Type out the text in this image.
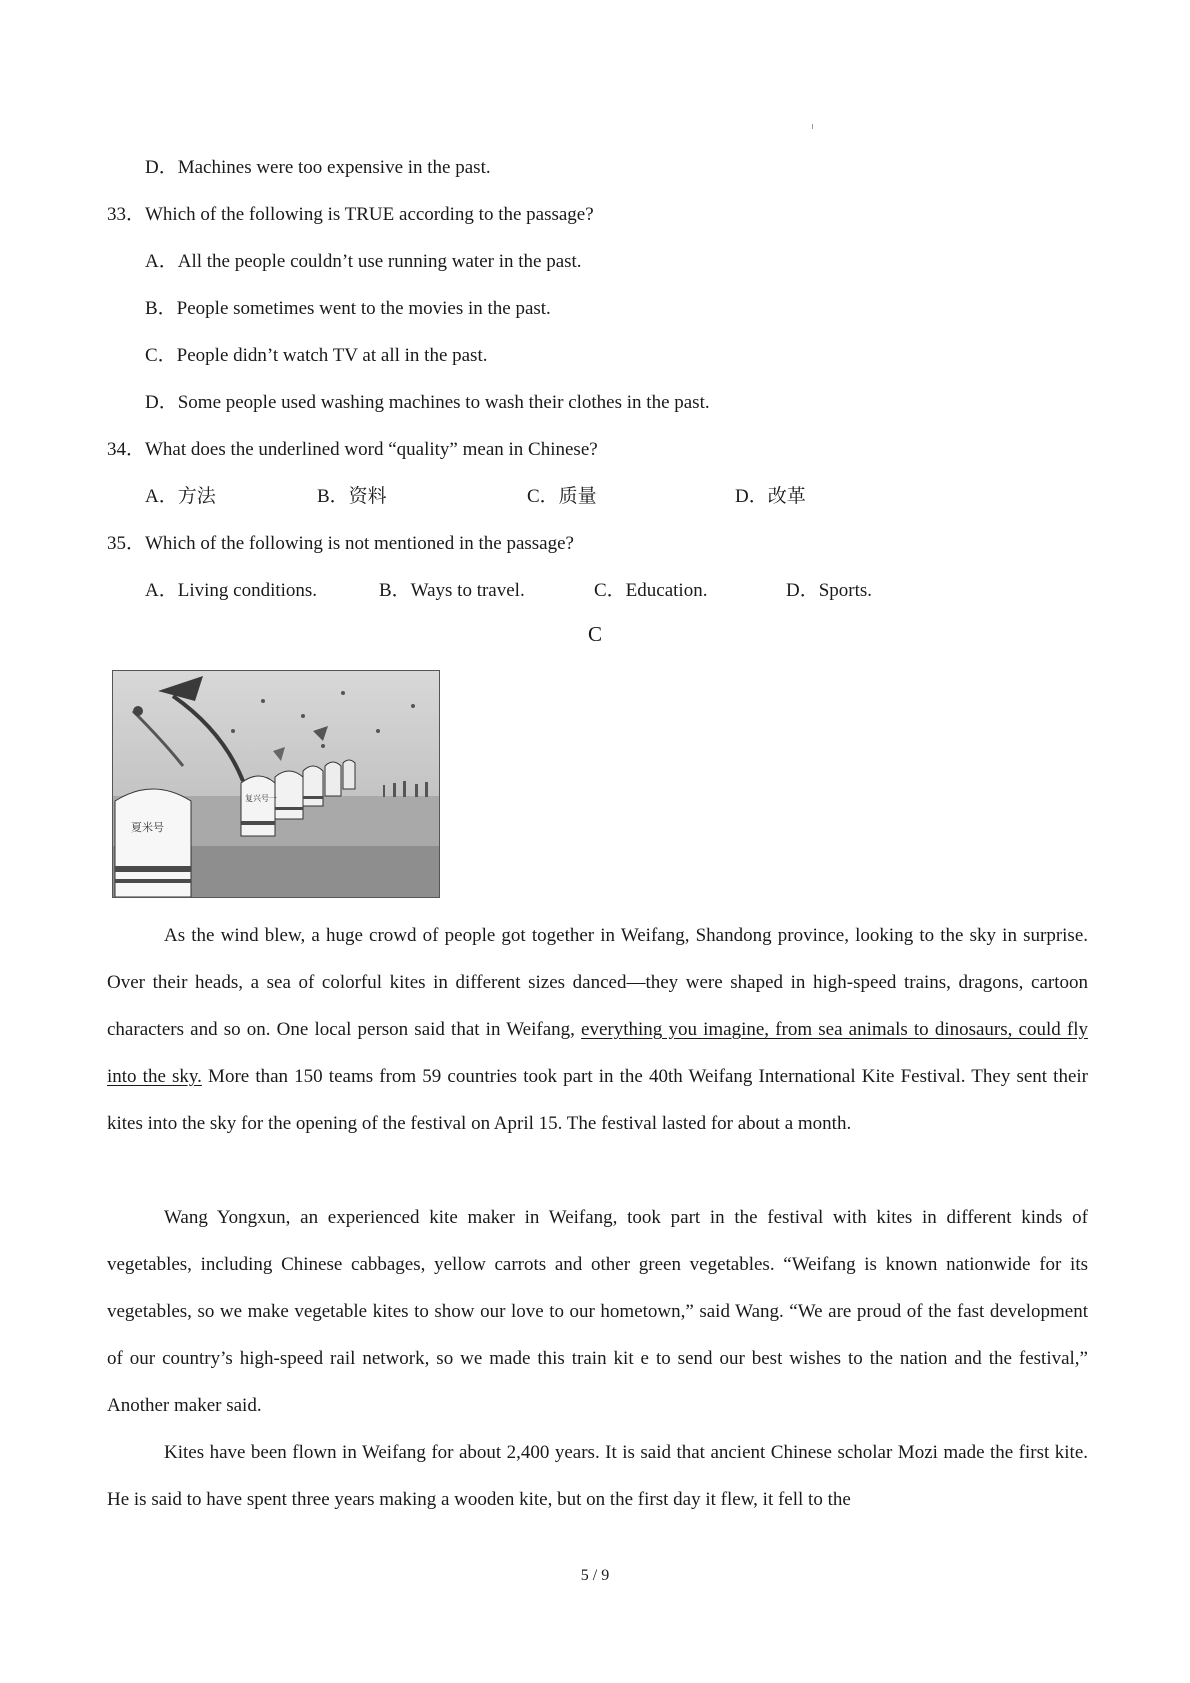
D．Machines were too expensive in the past.
33．Which of the following is TRUE according to the passage?
A．All the people couldn’t use running water in the past.
B．People sometimes went to the movies in the past.
C．People didn’t watch TV at all in the past.
D．Some people used washing machines to wash their clothes in the past.
34．What does the underlined word “quality” mean in Chinese?
A．方法	B．资料	C．质量	D．改革
35．Which of the following is not mentioned in the passage?
A．Living conditions.	B．Ways to travel.	C．Education.	D．Sports.
C
夏米号
复兴号一

As the wind blew, a huge crowd of people got together in Weifang, Shandong province, looking to the sky in surprise. Over their heads, a sea of colorful kites in different sizes danced—they were shaped in high-speed trains, dragons, cartoon characters and so on. One local person said that in Weifang, everything you imagine, from sea animals to dinosaurs, could fly into the sky. More than 150 teams from 59 countries took part in the 40th Weifang International Kite Festival. They sent their kites into the sky for the opening of the festival on April 15. The festival lasted for about a month.

Wang Yongxun, an experienced kite maker in Weifang, took part in the festival with kites in different kinds of vegetables, including Chinese cabbages, yellow carrots and other green vegetables. “Weifang is known nationwide for its vegetables, so we make vegetable kites to show our love to our hometown,” said Wang. “We are proud of the fast development of our country’s high-speed rail network, so we made this train kit e to send our best wishes to the nation and the festival,” Another maker said.

Kites have been flown in Weifang for about 2,400 years. It is said that ancient Chinese scholar Mozi made the first kite. He is said to have spent three years making a wooden kite, but on the first day it flew, it fell to the

5 / 9
